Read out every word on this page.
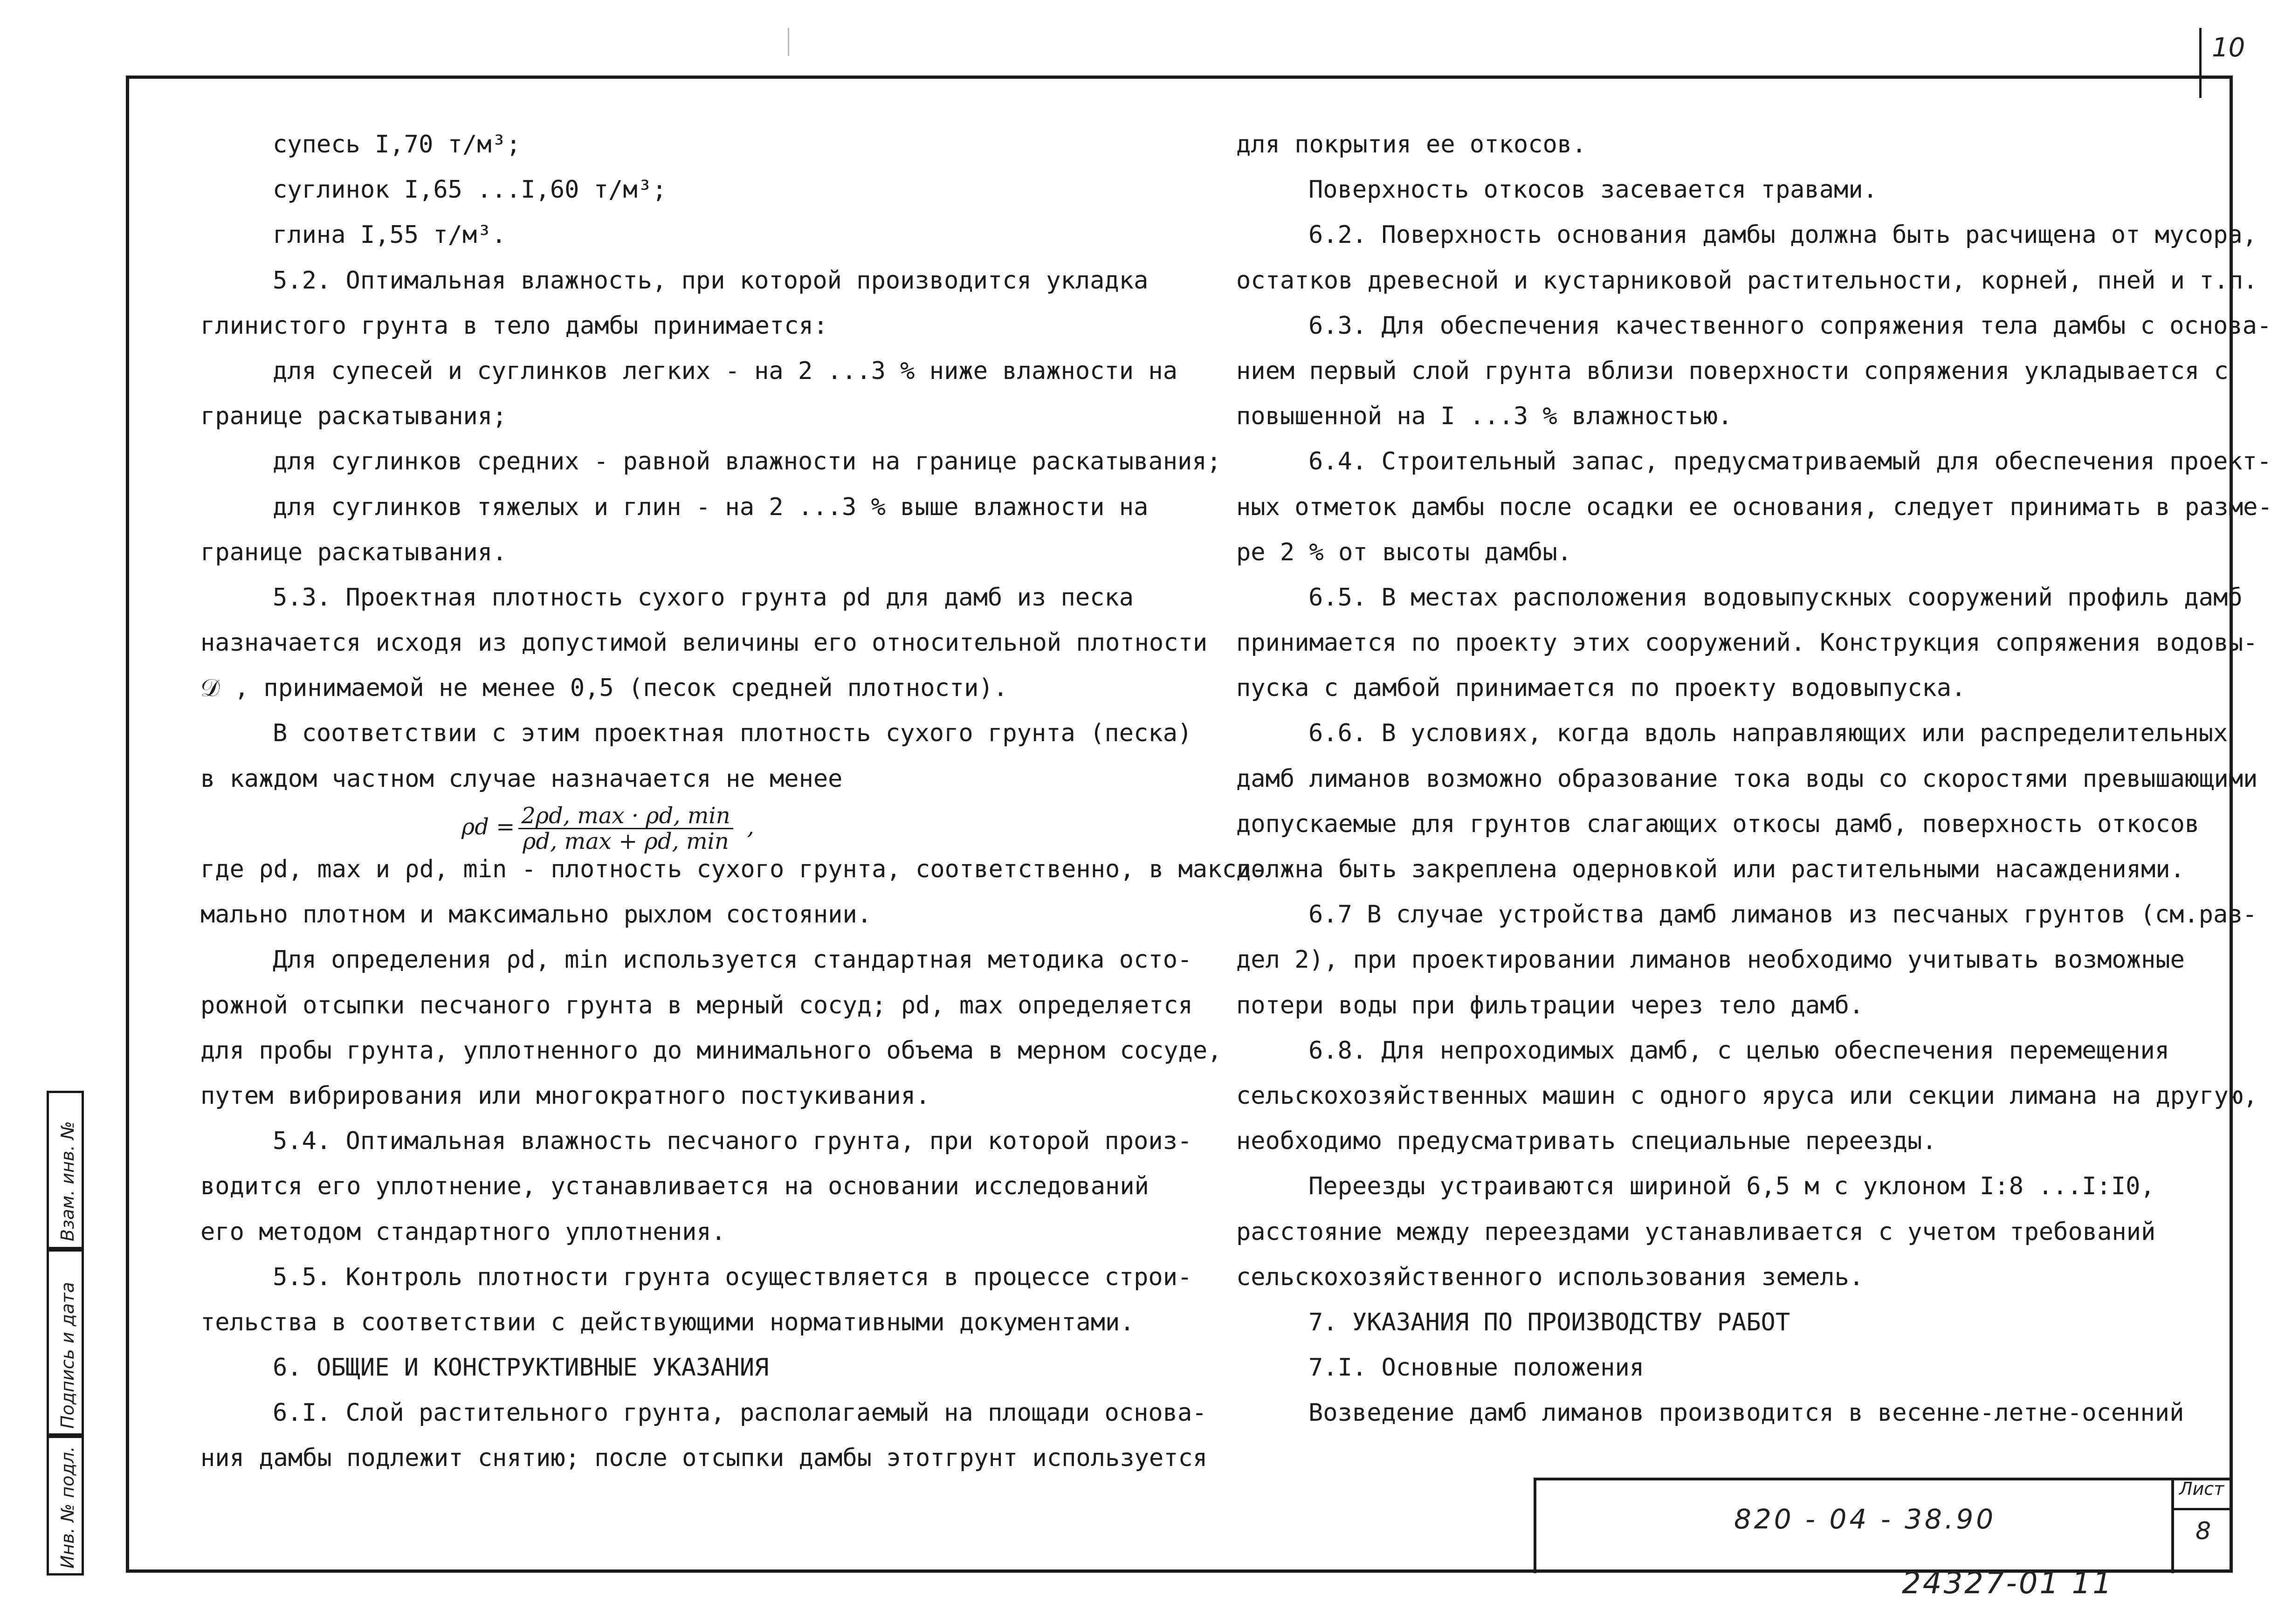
10
супесь I,70 т/м³;
суглинок I,65 ...I,60 т/м³;
глина I,55 т/м³.
5.2. Оптимальная влажность, при которой производится укладка
глинистого грунта в тело дамбы принимается:
для супесей и суглинков легких - на 2 ...3 % ниже влажности на
границе раскатывания;
для суглинков средних - равной влажности на границе раскатывания;
для суглинков тяжелых и глин - на 2 ...3 % выше влажности на
границе раскатывания.
5.3. Проектная плотность сухого грунта ρd для дамб из песка
назначается исходя из допустимой величины его относительной плотности
𝒟 , принимаемой не менее 0,5 (песок средней плотности).
В соответствии с этим проектная плотность сухого грунта (песка)
в каждом частном случае назначается не менее
$\rho d = \frac{2\rho d, \max \cdot \rho d, \min}{\rho d, \max + \rho d, \min}$ ,
где ρd, max и ρd, min - плотность сухого грунта, соответственно, в макси-
мально плотном и максимально рыхлом состоянии.
Для определения ρd, min используется стандартная методика осто-
рожной отсыпки песчаного грунта в мерный сосуд; ρd, max определяется
для пробы грунта, уплотненного до минимального объема в мерном сосуде,
путем вибрирования или многократного постукивания.
5.4. Оптимальная влажность песчаного грунта, при которой произ-
водится его уплотнение, устанавливается на основании исследований
его методом стандартного уплотнения.
5.5. Контроль плотности грунта осуществляется в процессе строи-
тельства в соответствии с действующими нормативными документами.
6. ОБЩИЕ И КОНСТРУКТИВНЫЕ УКАЗАНИЯ
6.I. Слой растительного грунта, располагаемый на площади основа-
ния дамбы подлежит снятию; после отсыпки дамбы этотгрунт используется
для покрытия ее откосов.
Поверхность откосов засевается травами.
6.2. Поверхность основания дамбы должна быть расчищена от мусора,
остатков древесной и кустарниковой растительности, корней, пней и т.п.
6.3. Для обеспечения качественного сопряжения тела дамбы с основа-
нием первый слой грунта вблизи поверхности сопряжения укладывается с
повышенной на I ...3 % влажностью.
6.4. Строительный запас, предусматриваемый для обеспечения проект-
ных отметок дамбы после осадки ее основания, следует принимать в разме-
ре 2 % от высоты дамбы.
6.5. В местах расположения водовыпускных сооружений профиль дамб
принимается по проекту этих сооружений. Конструкция сопряжения водовы-
пуска с дамбой принимается по проекту водовыпуска.
6.6. В условиях, когда вдоль направляющих или распределительных
дамб лиманов возможно образование тока воды со скоростями превышающими
допускаемые для грунтов слагающих откосы дамб, поверхность откосов
должна быть закреплена одерновкой или растительными насаждениями.
6.7 В случае устройства дамб лиманов из песчаных грунтов (см.раз-
дел 2), при проектировании лиманов необходимо учитывать возможные
потери воды при фильтрации через тело дамб.
6.8. Для непроходимых дамб, с целью обеспечения перемещения
сельскохозяйственных машин с одного яруса или секции лимана на другую,
необходимо предусматривать специальные переезды.
Переезды устраиваются шириной 6,5 м с уклоном I:8 ...I:I0,
расстояние между переездами устанавливается с учетом требований
сельскохозяйственного использования земель.
7. УКАЗАНИЯ ПО ПРОИЗВОДСТВУ РАБОТ
7.I. Основные положения
Возведение дамб лиманов производится в весенне-летне-осенний
Взам. инв. №
Подпись и дата
Инв. № подл.	820 - 04 - 38.90
Лист
8
24327-01 11
